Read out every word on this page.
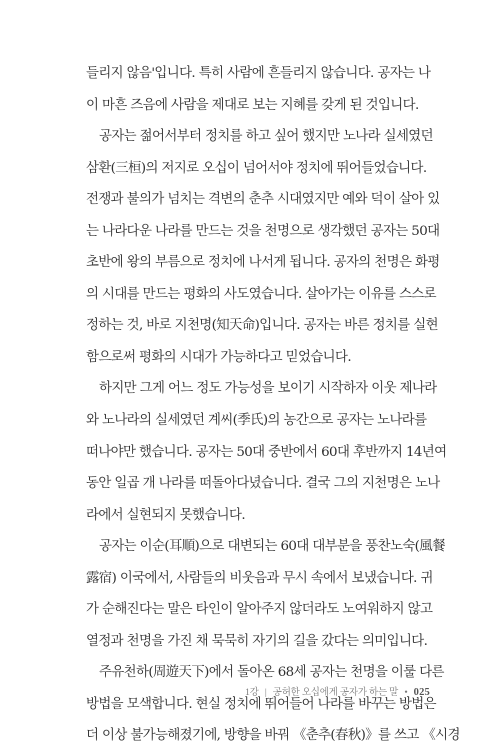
들리지 않음'입니다. 특히 사람에 흔들리지 않습니다. 공자는 나
이 마흔 즈음에 사람을 제대로 보는 지혜를 갖게 된 것입니다.
공자는 젊어서부터 정치를 하고 싶어 했지만 노나라 실세였던
삼환(三桓)의 저지로 오십이 넘어서야 정치에 뛰어들었습니다.
전쟁과 불의가 넘치는 격변의 춘추 시대였지만 예와 덕이 살아 있
는 나라다운 나라를 만드는 것을 천명으로 생각했던 공자는 50대
초반에 왕의 부름으로 정치에 나서게 됩니다. 공자의 천명은 화평
의 시대를 만드는 평화의 사도였습니다. 살아가는 이유를 스스로
정하는 것, 바로 지천명(知天命)입니다. 공자는 바른 정치를 실현
함으로써 평화의 시대가 가능하다고 믿었습니다.
하지만 그게 어느 정도 가능성을 보이기 시작하자 이웃 제나라
와 노나라의 실세였던 계씨(季氏)의 농간으로 공자는 노나라를
떠나야만 했습니다. 공자는 50대 중반에서 60대 후반까지 14년여
동안 일곱 개 나라를 떠돌아다녔습니다. 결국 그의 지천명은 노나
라에서 실현되지 못했습니다.
공자는 이순(耳順)으로 대변되는 60대 대부분을 풍찬노숙(風餐
露宿) 이국에서, 사람들의 비웃음과 무시 속에서 보냈습니다. 귀
가 순해진다는 말은 타인이 알아주지 않더라도 노여워하지 않고
열정과 천명을 가진 채 묵묵히 자기의 길을 갔다는 의미입니다.
주유천하(周遊天下)에서 돌아온 68세 공자는 천명을 이룰 다른
방법을 모색합니다. 현실 정치에 뛰어들어 나라를 바꾸는 방법은
더 이상 불가능해졌기에, 방향을 바꿔 《춘추(春秋)》를 쓰고 《시경
1강 | 공허한 오십에게 공자가 하는 말 • 025
